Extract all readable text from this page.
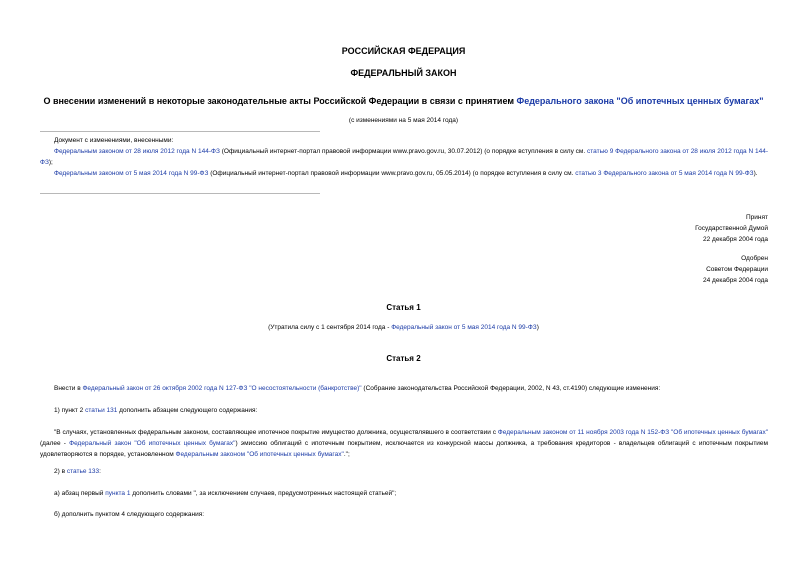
РОССИЙСКАЯ ФЕДЕРАЦИЯ
ФЕДЕРАЛЬНЫЙ ЗАКОН
О внесении изменений в некоторые законодательные акты Российской Федерации в связи с принятием Федерального закона "Об ипотечных ценных бумагах"
(с изменениями на 5 мая 2014 года)

Документ с изменениями, внесенными:

Федеральным законом от 28 июля 2012 года N 144-ФЗ (Официальный интернет-портал правовой информации www.pravo.gov.ru, 30.07.2012) (о порядке вступления в силу см. статью 9 Федерального закона от 28 июля 2012 года N 144-ФЗ);

Федеральным законом от 5 мая 2014 года N 99-ФЗ (Официальный интернет-портал правовой информации www.pravo.gov.ru, 05.05.2014) (о порядке вступления в силу см. статью 3 Федерального закона от 5 мая 2014 года N 99-ФЗ).

Принят

Государственной Думой

22 декабря 2004 года

Одобрен

Советом Федерации

24 декабря 2004 года

Статья 1
(Утратила силу с 1 сентября 2014 года - Федеральный закон от 5 мая 2014 года N 99-ФЗ)
Статья 2

Внести в Федеральный закон от 26 октября 2002 года N 127-ФЗ "О несостоятельности (банкротстве)" (Собрание законодательства Российской Федерации, 2002, N 43, ст.4190) следующие изменения:

1) пункт 2 статьи 131 дополнить абзацем следующего содержания:

"В случаях, установленных федеральным законом, составляющее ипотечное покрытие имущество должника, осуществлявшего в соответствии с Федеральным законом от 11 ноября 2003 года N 152-ФЗ "Об ипотечных ценных бумагах" (далее - Федеральный закон "Об ипотечных ценных бумагах") эмиссию облигаций с ипотечным покрытием, исключается из конкурсной массы должника, а требования кредиторов - владельцев облигаций с ипотечным покрытием удовлетворяются в порядке, установленном Федеральным законом "Об ипотечных ценных бумагах".";

2) в статье 133:

а) абзац первый пункта 1 дополнить словами ", за исключением случаев, предусмотренных настоящей статьей";

б) дополнить пунктом 4 следующего содержания:
